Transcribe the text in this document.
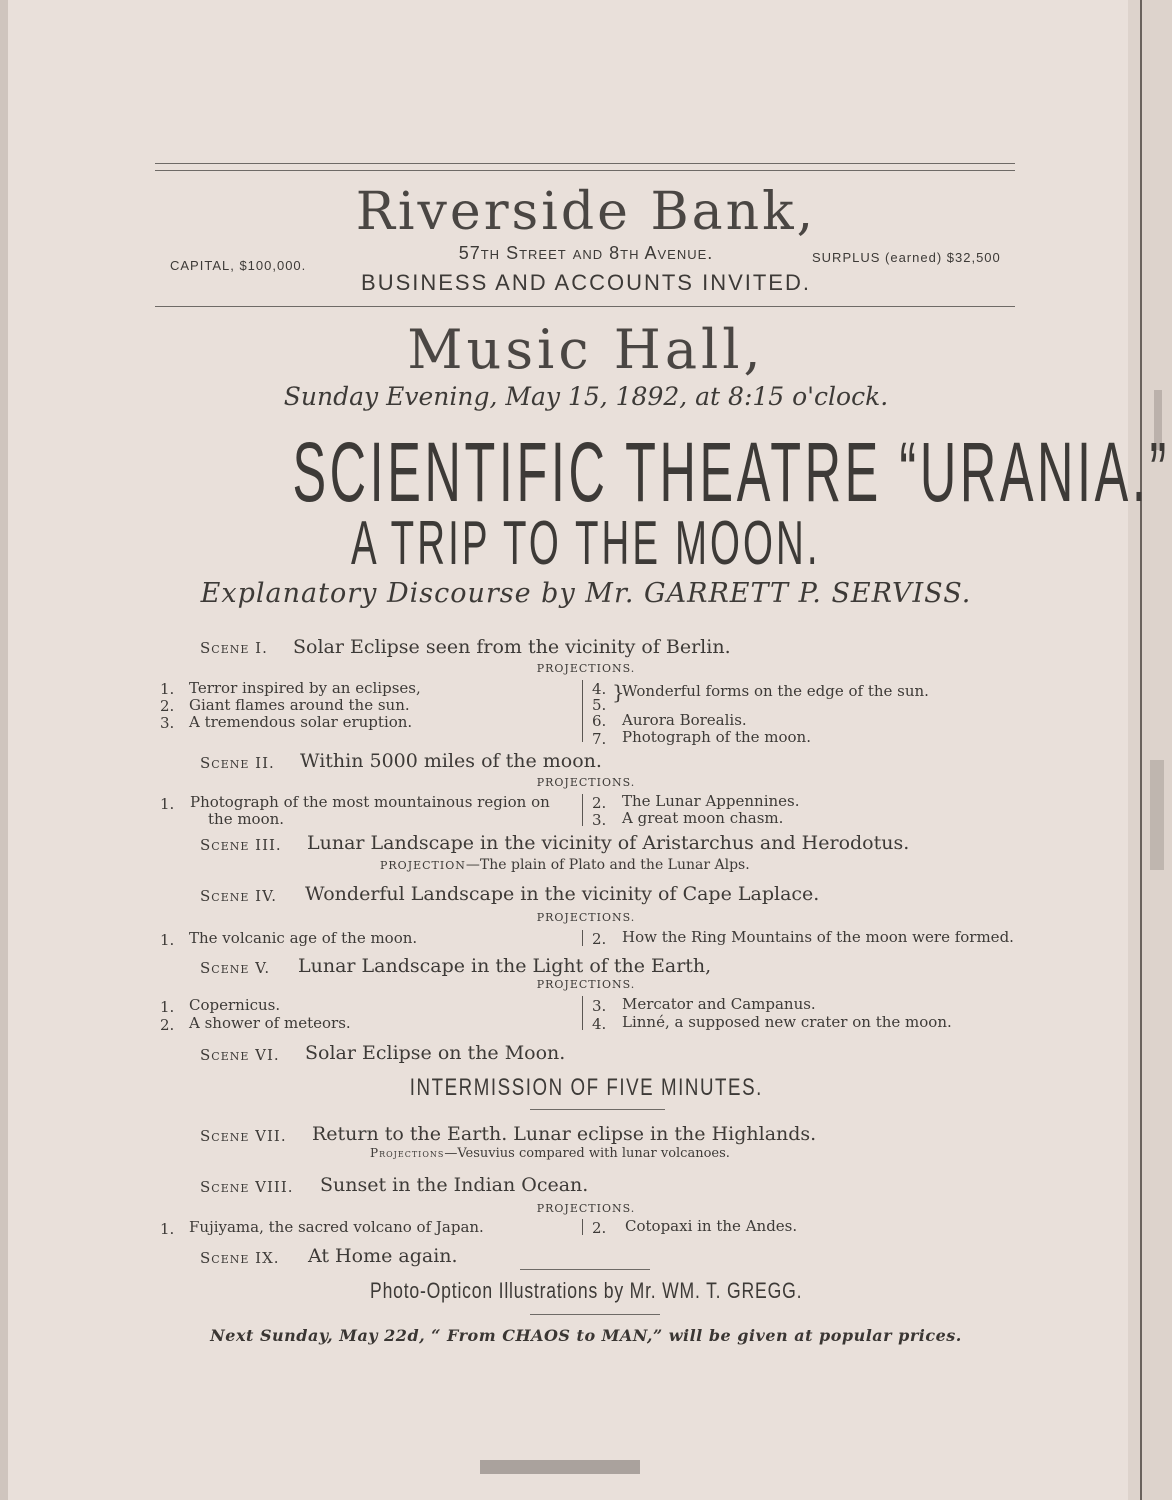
Riverside Bank,
57th Street and 8th Avenue.
CAPITAL, $100,000.
SURPLUS (earned) $32,500
BUSINESS AND ACCOUNTS INVITED.
Music Hall,
Sunday Evening, May 15, 1892, at 8:15 o'clock.
SCIENTIFIC THEATRE “URANIA.”
A TRIP TO THE MOON.
Explanatory Discourse by Mr. GARRETT P. SERVISS.
Scene I. Solar Eclipse seen from the vicinity of Berlin.
PROJECTIONS.
1.
2.
3.
Terror inspired by an eclipses,
Giant flames around the sun.
A tremendous solar eruption.
4.
5.
6.
7.
}
Wonderful forms on the edge of the sun.
Aurora Borealis.
Photograph of the moon.
Scene II. Within 5000 miles of the moon.
PROJECTIONS.
1. Photograph of the most mountainous region on
the moon.
2.
3.
The Lunar Appennines.
A great moon chasm.
Scene III. Lunar Landscape in the vicinity of Aristarchus and Herodotus.
PROJECTION—The plain of Plato and the Lunar Alps.
Scene IV. Wonderful Landscape in the vicinity of Cape Laplace.
PROJECTIONS.
1. The volcanic age of the moon.	2. How the Ring Mountains of the moon were formed.
Scene V. Lunar Landscape in the Light of the Earth,
PROJECTIONS.
1.
2.
Copernicus.
A shower of meteors.
3.
4.
Mercator and Campanus.
Linné, a supposed new crater on the moon.
Scene VI. Solar Eclipse on the Moon.
INTERMISSION OF FIVE MINUTES.
Scene VII. Return to the Earth. Lunar eclipse in the Highlands.
Projections—Vesuvius compared with lunar volcanoes.
Scene VIII. Sunset in the Indian Ocean.
PROJECTIONS.
1. Fujiyama, the sacred volcano of Japan.	2. Cotopaxi in the Andes.
Scene IX. At Home again.
Photo-Opticon Illustrations by Mr. WM. T. GREGG.
Next Sunday, May 22d, “ From CHAOS to MAN,” will be given at popular prices.
